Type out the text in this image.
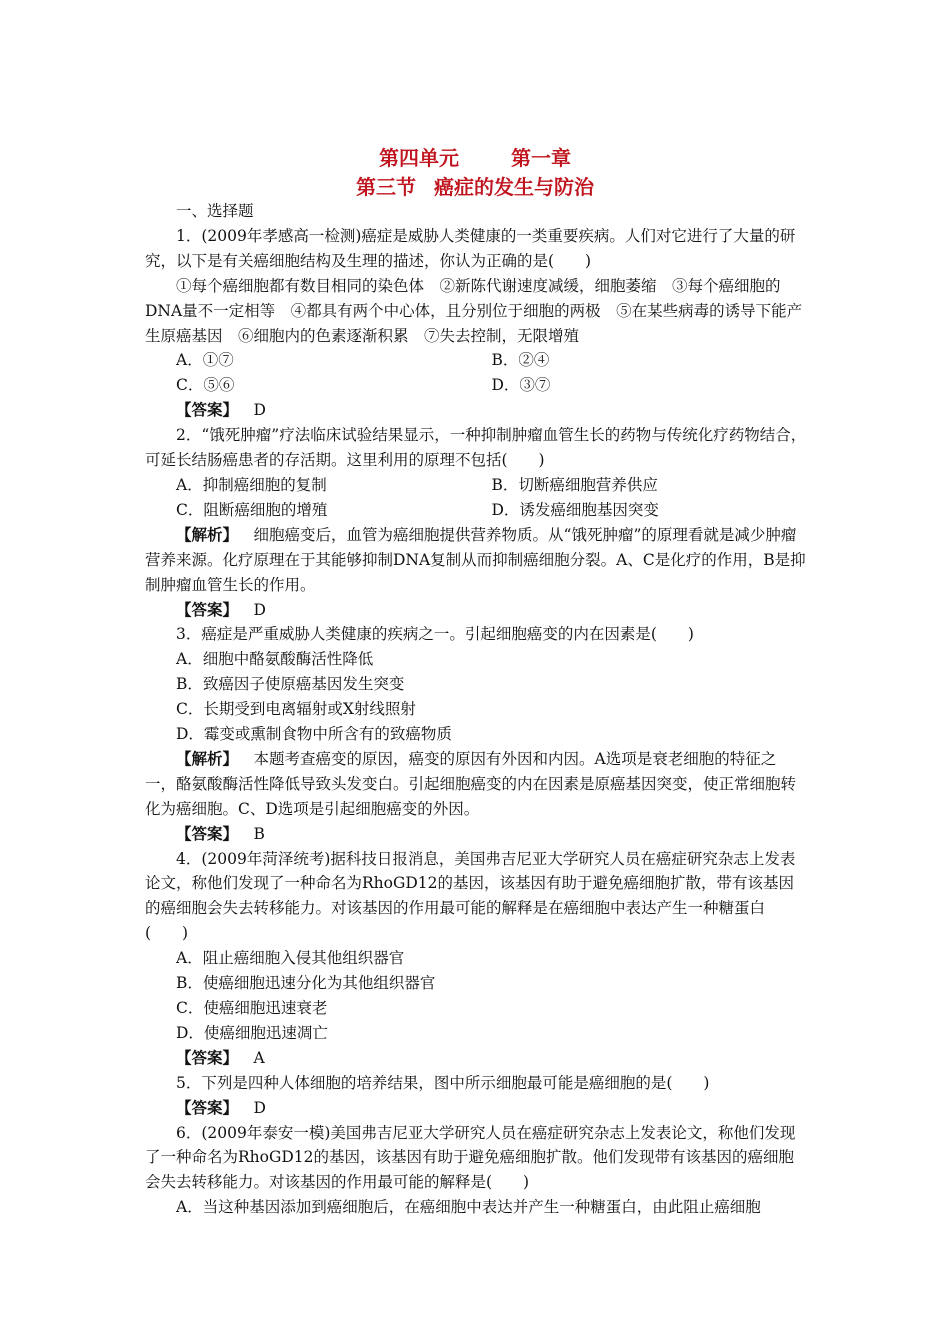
第四单元	第一章
第三节 癌症的发生与防治

一、选择题

1．(2009年孝感高一检测)癌症是威胁人类健康的一类重要疾病。人们对它进行了大量的研究，以下是有关癌细胞结构及生理的描述，你认为正确的是(　　)

①每个癌细胞都有数目相同的染色体　②新陈代谢速度减缓，细胞萎缩　③每个癌细胞的DNA量不一定相等　④都具有两个中心体，且分别位于细胞的两极　⑤在某些病毒的诱导下能产生原癌基因　⑥细胞内的色素逐渐积累　⑦失去控制，无限增殖

A．①⑦	B．②④
C．⑤⑥	D．③⑦

【答案】  D

2．“饿死肿瘤”疗法临床试验结果显示，一种抑制肿瘤血管生长的药物与传统化疗药物结合，可延长结肠癌患者的存活期。这里利用的原理不包括(　　)

A．抑制癌细胞的复制	B．切断癌细胞营养供应
C．阻断癌细胞的增殖	D．诱发癌细胞基因突变

【解析】  细胞癌变后，血管为癌细胞提供营养物质。从“饿死肿瘤”的原理看就是减少肿瘤营养来源。化疗原理在于其能够抑制DNA复制从而抑制癌细胞分裂。A、C是化疗的作用，B是抑制肿瘤血管生长的作用。

【答案】  D

3．癌症是严重威胁人类健康的疾病之一。引起细胞癌变的内在因素是(　　)

A．细胞中酪氨酸酶活性降低

B．致癌因子使原癌基因发生突变

C．长期受到电离辐射或X射线照射

D．霉变或熏制食物中所含有的致癌物质

【解析】  本题考查癌变的原因，癌变的原因有外因和内因。A选项是衰老细胞的特征之一，酪氨酸酶活性降低导致头发变白。引起细胞癌变的内在因素是原癌基因突变，使正常细胞转化为癌细胞。C、D选项是引起细胞癌变的外因。

【答案】  B

4．(2009年菏泽统考)据科技日报消息，美国弗吉尼亚大学研究人员在癌症研究杂志上发表论文，称他们发现了一种命名为RhoGD12的基因，该基因有助于避免癌细胞扩散，带有该基因的癌细胞会失去转移能力。对该基因的作用最可能的解释是在癌细胞中表达产生一种糖蛋白(　　)

A．阻止癌细胞入侵其他组织器官

B．使癌细胞迅速分化为其他组织器官

C．使癌细胞迅速衰老

D．使癌细胞迅速凋亡

【答案】  A

5．下列是四种人体细胞的培养结果，图中所示细胞最可能是癌细胞的是(　　)

【答案】  D

6．(2009年泰安一模)美国弗吉尼亚大学研究人员在癌症研究杂志上发表论文，称他们发现了一种命名为RhoGD12的基因，该基因有助于避免癌细胞扩散。他们发现带有该基因的癌细胞会失去转移能力。对该基因的作用最可能的解释是(　　)

A．当这种基因添加到癌细胞后，在癌细胞中表达并产生一种糖蛋白，由此阻止癌细胞
